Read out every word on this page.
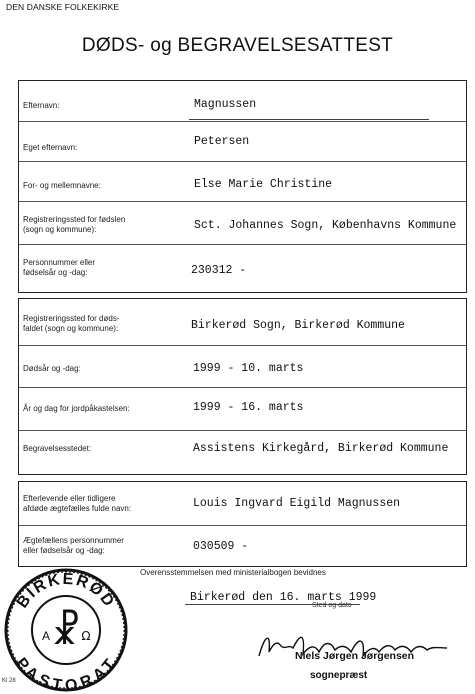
DEN DANSKE FOLKEKIRKE
DØDS- og BEGRAVELSESATTEST
Efternavn:	Magnussen
Eget efternavn:	Petersen
For- og mellemnavne:	Else Marie Christine
Registreringssted for fødslen
(sogn og kommune):	Sct. Johannes Sogn, Københavns Kommune
Personnummer eller
fødselsår og -dag:	230312 -
Registreringssted for døds-
faldet (sogn og kommune):	Birkerød Sogn, Birkerød Kommune
Dødsår og -dag:	1999 - 10. marts
År og dag for jordpåkastelsen:	1999 - 16. marts
Begravelsesstedet:	Assistens Kirkegård, Birkerød Kommune
Efterlevende eller tidligere
afdøde ægtefælles fulde navn:	Louis Ingvard Eigild Magnussen
Ægtefællens personnummer
eller fødselsår og -dag:	030509 -
Overensstemmelsen med ministerialbogen bevidnes
Birkerød den 16. marts 1999
Sted og dato
Niels Jørgen Jørgensen
sognepræst
BIRKERØD
PASTORAT
☧
A	Ω
Kl 28
